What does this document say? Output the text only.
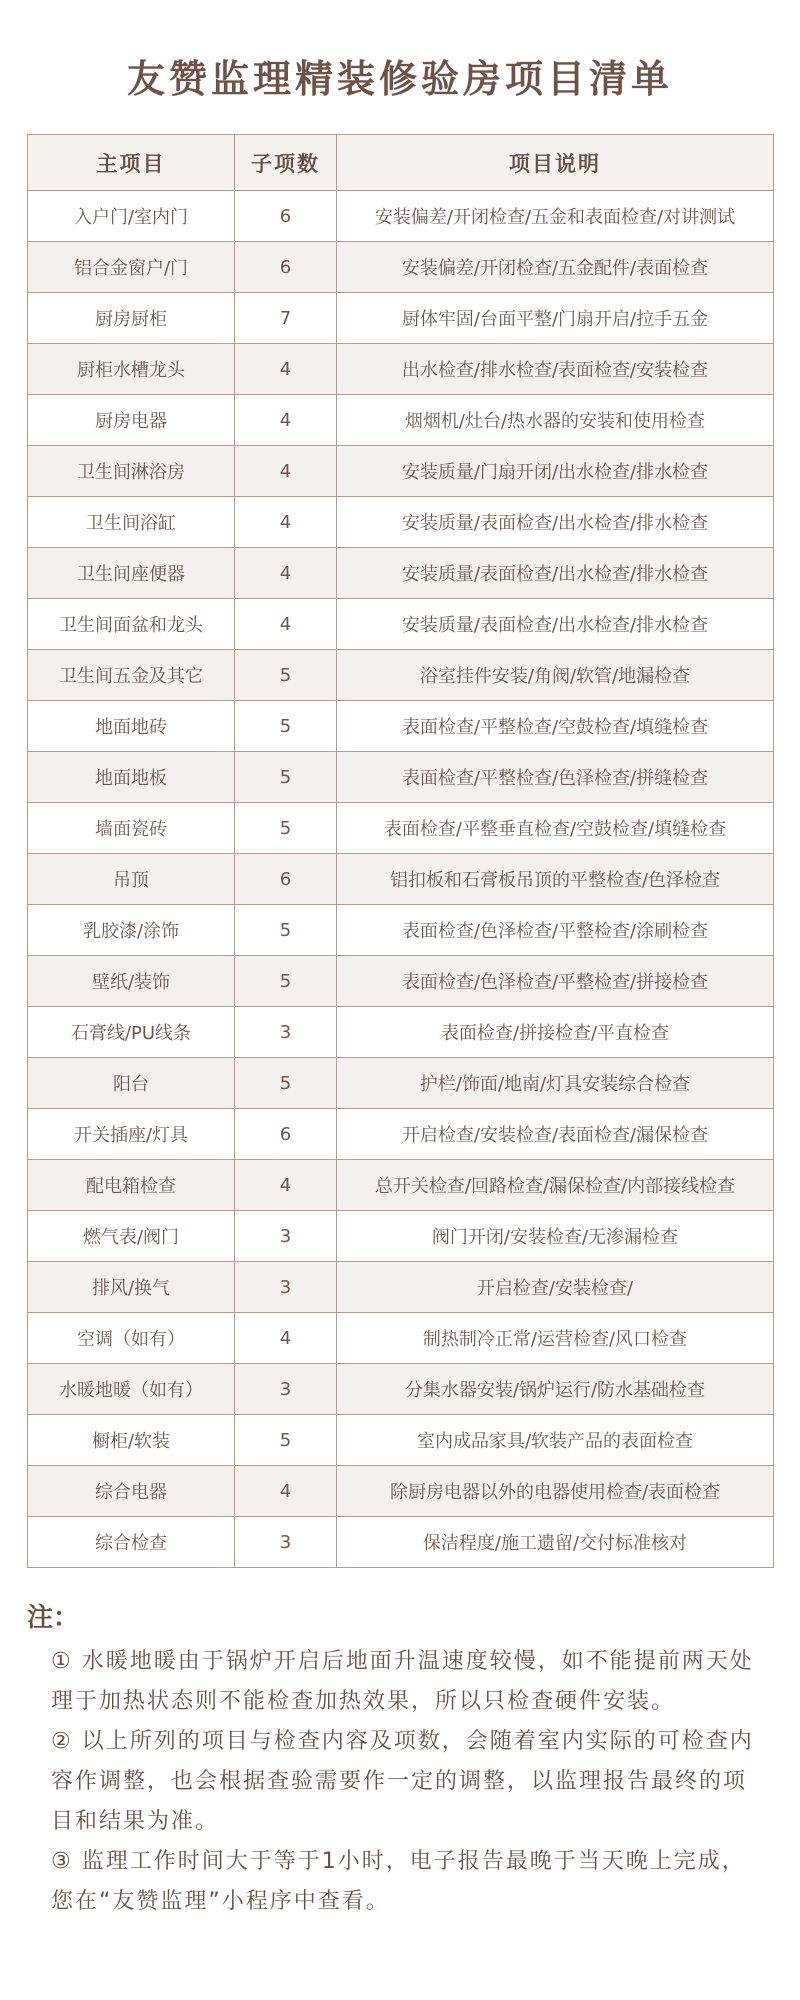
友赞监理精装修验房项目清单
主项目	子项数	项目说明
入户门/室内门	6	安装偏差/开闭检查/五金和表面检查/对讲测试
铝合金窗户/门	6	安装偏差/开闭检查/五金配件/表面检查
厨房厨柜	7	厨体牢固/台面平整/门扇开启/拉手五金
厨柜水槽龙头	4	出水检查/排水检查/表面检查/安装检查
厨房电器	4	烟烟机/灶台/热水器的安装和使用检查
卫生间淋浴房	4	安装质量/门扇开闭/出水检查/排水检查
卫生间浴缸	4	安装质量/表面检查/出水检查/排水检查
卫生间座便器	4	安装质量/表面检查/出水检查/排水检查
卫生间面盆和龙头	4	安装质量/表面检查/出水检查/排水检查
卫生间五金及其它	5	浴室挂件安装/角阀/软管/地漏检查
地面地砖	5	表面检查/平整检查/空鼓检查/填缝检查
地面地板	5	表面检查/平整检查/色泽检查/拼缝检查
墙面瓷砖	5	表面检查/平整垂直检查/空鼓检查/填缝检查
吊顶	6	铝扣板和石膏板吊顶的平整检查/色泽检查
乳胶漆/涂饰	5	表面检查/色泽检查/平整检查/涂刷检查
壁纸/装饰	5	表面检查/色泽检查/平整检查/拼接检查
石膏线/PU线条	3	表面检查/拼接检查/平直检查
阳台	5	护栏/饰面/地南/灯具安装综合检查
开关插座/灯具	6	开启检查/安装检查/表面检查/漏保检查
配电箱检查	4	总开关检查/回路检查/漏保检查/内部接线检查
燃气表/阀门	3	阀门开闭/安装检查/无渗漏检查
排风/换气	3	开启检查/安装检查/
空调（如有）	4	制热制冷正常/运营检查/风口检查
水暖地暖（如有）	3	分集水器安装/锅炉运行/防水基础检查
橱柜/软装	5	室内成品家具/软装产品的表面检查
综合电器	4	除厨房电器以外的电器使用检查/表面检查
综合检查	3	保洁程度/施工遗留/交付标准核对
注：
① 水暖地暖由于锅炉开启后地面升温速度较慢，如不能提前两天处理于加热状态则不能检查加热效果，所以只检查硬件安装。
② 以上所列的项目与检查内容及项数，会随着室内实际的可检查内容作调整，也会根据查验需要作一定的调整，以监理报告最终的项目和结果为准。
③ 监理工作时间大于等于1小时，电子报告最晚于当天晚上完成，您在“友赞监理”小程序中查看。
